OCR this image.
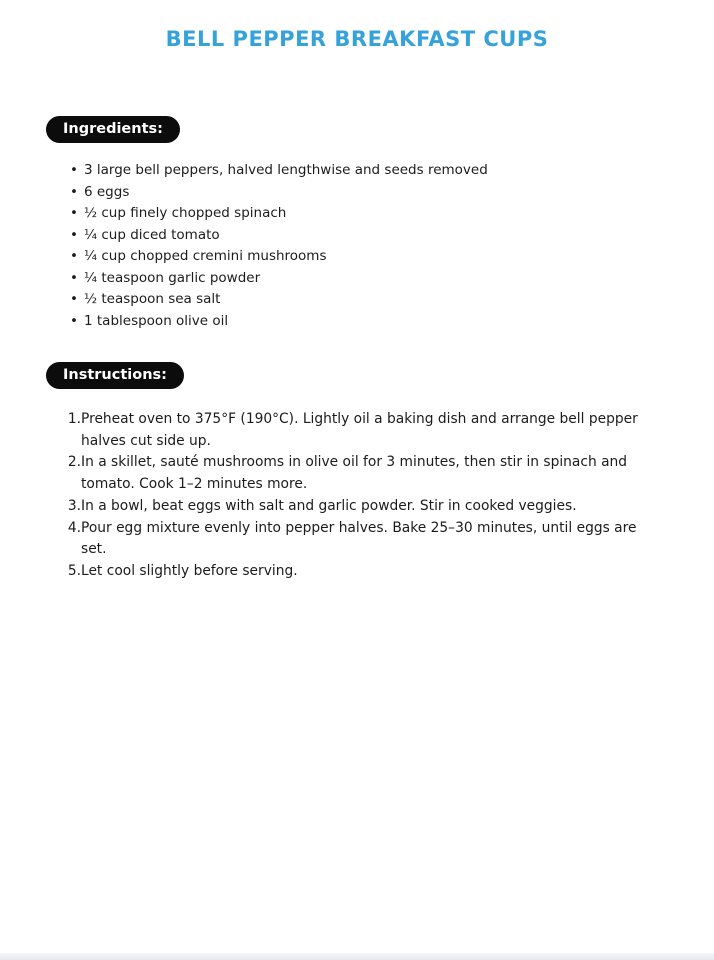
BELL PEPPER BREAKFAST CUPS
Ingredients:
• 3 large bell peppers, halved lengthwise and seeds removed
• 6 eggs
• ½ cup finely chopped spinach
• ¼ cup diced tomato
• ¼ cup chopped cremini mushrooms
• ¼ teaspoon garlic powder
• ½ teaspoon sea salt
• 1 tablespoon olive oil
Instructions:
Preheat oven to 375°F (190°C). Lightly oil a baking dish and arrange bell pepper halves cut side up.
In a skillet, sauté mushrooms in olive oil for 3 minutes, then stir in spinach and tomato. Cook 1–2 minutes more.
In a bowl, beat eggs with salt and garlic powder. Stir in cooked veggies.
Pour egg mixture evenly into pepper halves. Bake 25–30 minutes, until eggs are set.
Let cool slightly before serving.
